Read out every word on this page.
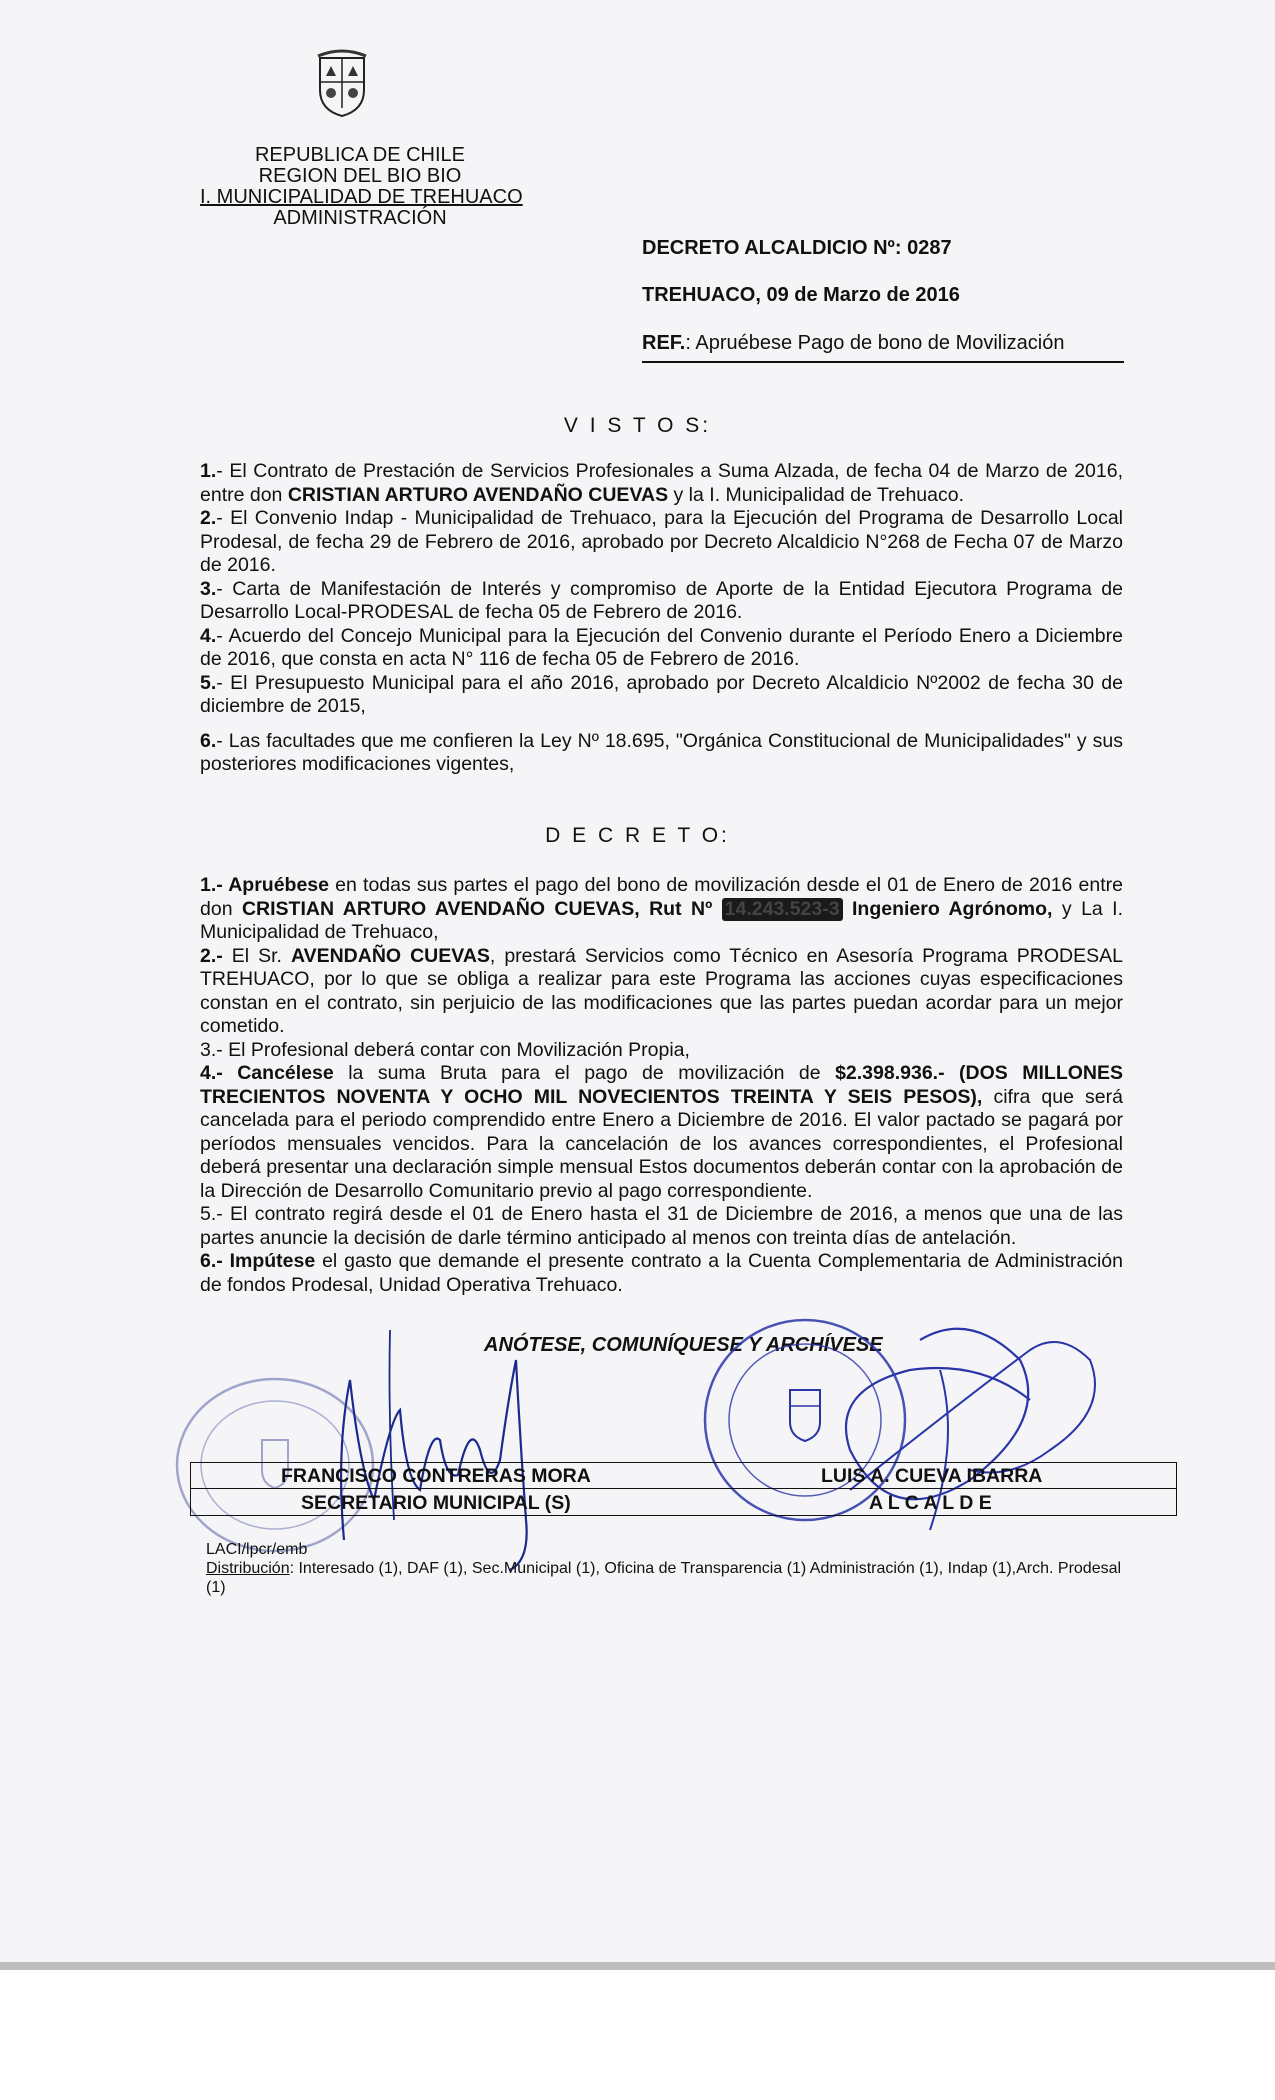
REPUBLICA DE CHILE
REGION DEL BIO BIO
I. MUNICIPALIDAD DE TREHUACO
ADMINISTRACIÓN
DECRETO ALCALDICIO Nº: 0287
TREHUACO, 09 de Marzo de 2016
REF.: Apruébese Pago de bono de Movilización
V I S T O S:

1.- El Contrato de Prestación de Servicios Profesionales a Suma Alzada, de fecha 04 de Marzo de 2016, entre don CRISTIAN ARTURO AVENDAÑO CUEVAS y la I. Municipalidad de Trehuaco.

2.- El Convenio Indap - Municipalidad de Trehuaco, para la Ejecución del Programa de Desarrollo Local Prodesal, de fecha 29 de Febrero de 2016, aprobado por Decreto Alcaldicio N°268 de Fecha 07 de Marzo de 2016.

3.- Carta de Manifestación de Interés y compromiso de Aporte de la Entidad Ejecutora Programa de Desarrollo Local-PRODESAL de fecha 05 de Febrero de 2016.

4.- Acuerdo del Concejo Municipal para la Ejecución del Convenio durante el Período Enero a Diciembre de 2016, que consta en acta N° 116 de fecha 05 de Febrero de 2016.

5.- El Presupuesto Municipal para el año 2016, aprobado por Decreto Alcaldicio Nº2002 de fecha 30 de diciembre de 2015,

6.- Las facultades que me confieren la Ley Nº 18.695, "Orgánica Constitucional de Municipalidades" y sus posteriores modificaciones vigentes,

D E C R E T O:

1.- Apruébese en todas sus partes el pago del bono de movilización desde el 01 de Enero de 2016 entre don CRISTIAN ARTURO AVENDAÑO CUEVAS, Rut Nº 14.243.523-3 Ingeniero Agrónomo, y La I. Municipalidad de Trehuaco,

2.- El Sr. AVENDAÑO CUEVAS, prestará Servicios como Técnico en Asesoría Programa PRODESAL TREHUACO, por lo que se obliga a realizar para este Programa las acciones cuyas especificaciones constan en el contrato, sin perjuicio de las modificaciones que las partes puedan acordar para un mejor cometido.

3.- El Profesional deberá contar con Movilización Propia,

4.- Cancélese la suma Bruta para el pago de movilización de $2.398.936.- (DOS MILLONES TRECIENTOS NOVENTA Y OCHO MIL NOVECIENTOS TREINTA Y SEIS PESOS), cifra que será cancelada para el periodo comprendido entre Enero a Diciembre de 2016. El valor pactado se pagará por períodos mensuales vencidos. Para la cancelación de los avances correspondientes, el Profesional deberá presentar una declaración simple mensual Estos documentos deberán contar con la aprobación de la Dirección de Desarrollo Comunitario previo al pago correspondiente.

5.- El contrato regirá desde el 01 de Enero hasta el 31 de Diciembre de 2016, a menos que una de las partes anuncie la decisión de darle término anticipado al menos con treinta días de antelación.

6.- Impútese el gasto que demande el presente contrato a la Cuenta Complementaria de Administración de fondos Prodesal, Unidad Operativa Trehuaco.

ANÓTESE, COMUNÍQUESE Y ARCHÍVESE
FRANCISCO CONTRERAS MORA
SECRETARIO MUNICIPAL (S)
LUIS A. CUEVA IBARRA
A L C A L D E
LACI/lpcr/emb
Distribución: Interesado (1), DAF (1), Sec.Municipal (1), Oficina de Transparencia (1) Administración (1), Indap (1),Arch. Prodesal (1)
